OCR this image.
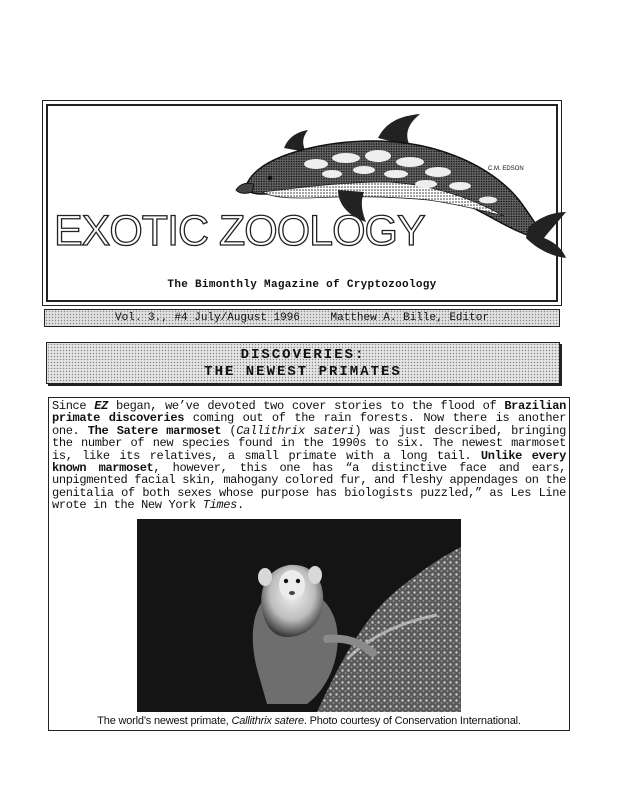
C.M. EDSON
EXOTIC ZOOLOGY
The Bimonthly Magazine of Cryptozoology
Vol. 3., #4 July/August 1996	Matthew A. Bille, Editor
DISCOVERIES:
THE NEWEST PRIMATES

Since EZ began, we’ve devoted two cover stories to the flood of Brazilian primate discoveries coming out of the rain forests. Now there is another one. The Satere marmoset (Callithrix sateri) was just described, bringing the number of new species found in the 1990s to six. The newest marmoset is, like its relatives, a small primate with a long tail. Unlike every known marmoset, however, this one has “a distinctive face and ears, unpigmented facial skin, mahogany colored fur, and fleshy appendages on the genitalia of both sexes whose purpose has biologists puzzled,” as Les Line wrote in the New York Times.

The world’s newest primate, Callithrix satere. Photo courtesy of Conservation International.
